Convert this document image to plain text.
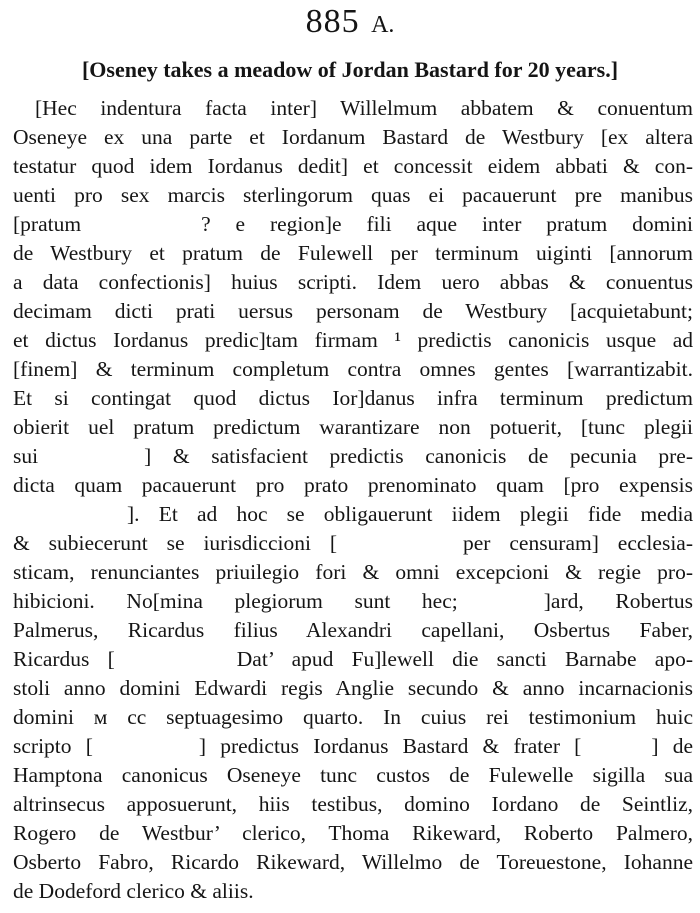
885 A.
[Oseney takes a meadow of Jordan Bastard for 20 years.]
[Hec indentura facta inter] Willelmum abbatem & conuentum
Oseneye ex una parte et Iordanum Bastard de Westbury [ex altera
testatur quod idem Iordanus dedit] et concessit eidem abbati & con-
uenti pro sex marcis sterlingorum quas ei pacauerunt pre manibus
[pratum	? e region]e fili aque inter pratum domini
de Westbury et pratum de Fulewell per terminum uiginti [annorum
a data confectionis] huius scripti. Idem uero abbas & conuentus
decimam dicti prati uersus personam de Westbury [acquietabunt;
et dictus Iordanus predic]tam firmam ¹ predictis canonicis usque ad
[finem] & terminum completum contra omnes gentes [warrantizabit.
Et si contingat quod dictus Ior]danus infra terminum predictum
obierit uel pratum predictum warantizare non potuerit, [tunc plegii
sui	] & satisfacient predictis canonicis de pecunia pre-
dicta quam pacauerunt pro prato prenominato quam [pro expensis
]. Et ad hoc se obligauerunt iidem plegii fide media
& subiecerunt se iurisdiccioni [	per censuram] ecclesia-
sticam, renunciantes priuilegio fori & omni excepcioni & regie pro-
hibicioni. No[mina plegiorum sunt hec;	]ard, Robertus
Palmerus, Ricardus filius Alexandri capellani, Osbertus Faber,
Ricardus [	Dat’ apud Fu]lewell die sancti Barnabe apo-
stoli anno domini Edwardi regis Anglie secundo & anno incarnacionis
domini м cc septuagesimo quarto. In cuius rei testimonium huic
scripto [	] predictus Iordanus Bastard & frater [	] de
Hamptona canonicus Oseneye tunc custos de Fulewelle sigilla sua
altrinsecus apposuerunt, hiis testibus, domino Iordano de Seintliz,
Rogero de Westbur’ clerico, Thoma Rikeward, Roberto Palmero,
Osberto Fabro, Ricardo Rikeward, Willelmo de Toreuestone, Iohanne
de Dodeford clerico & aliis.
